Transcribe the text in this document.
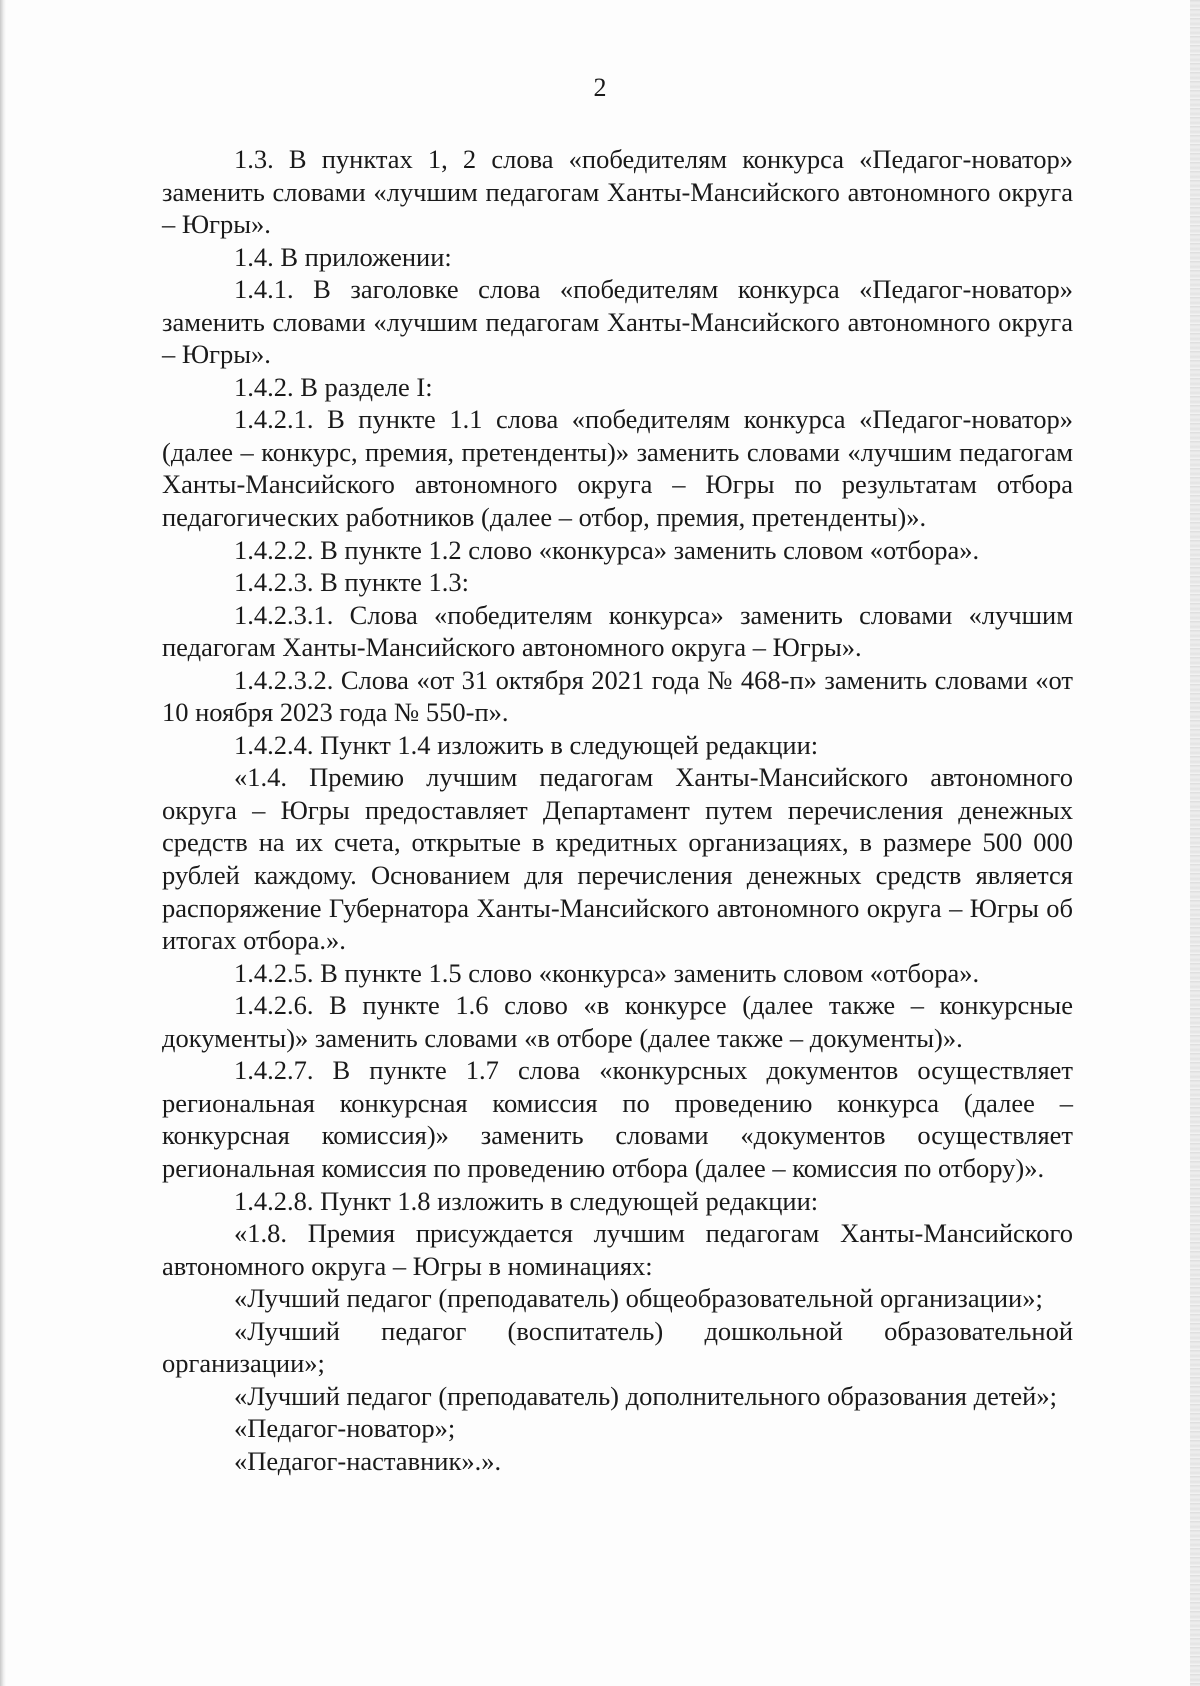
2

1.3. В пунктах 1, 2 слова «победителям конкурса «Педагог-новатор» заменить словами «лучшим педагогам Ханты-Мансийского автономного округа – Югры».

1.4. В приложении:

1.4.1. В заголовке слова «победителям конкурса «Педагог-новатор» заменить словами «лучшим педагогам Ханты-Мансийского автономного округа – Югры».

1.4.2. В разделе I:

1.4.2.1. В пункте 1.1 слова «победителям конкурса «Педагог-новатор» (далее – конкурс, премия, претенденты)» заменить словами «лучшим педагогам Ханты-Мансийского автономного округа – Югры по результатам отбора педагогических работников (далее – отбор, премия, претенденты)».

1.4.2.2. В пункте 1.2 слово «конкурса» заменить словом «отбора».

1.4.2.3. В пункте 1.3:

1.4.2.3.1. Слова «победителям конкурса» заменить словами «лучшим педагогам Ханты-Мансийского автономного округа – Югры».

1.4.2.3.2. Слова «от 31 октября 2021 года № 468-п» заменить словами «от 10 ноября 2023 года № 550-п».

1.4.2.4. Пункт 1.4 изложить в следующей редакции:

«1.4. Премию лучшим педагогам Ханты-Мансийского автономного округа – Югры предоставляет Департамент путем перечисления денежных средств на их счета, открытые в кредитных организациях, в размере 500 000 рублей каждому. Основанием для перечисления денежных средств является распоряжение Губернатора Ханты-Мансийского автономного округа – Югры об итогах отбора.».

1.4.2.5. В пункте 1.5 слово «конкурса» заменить словом «отбора».

1.4.2.6. В пункте 1.6 слово «в конкурсе (далее также – конкурсные документы)» заменить словами «в отборе (далее также – документы)».

1.4.2.7. В пункте 1.7 слова «конкурсных документов осуществляет региональная конкурсная комиссия по проведению конкурса (далее – конкурсная комиссия)» заменить словами «документов осуществляет региональная комиссия по проведению отбора (далее – комиссия по отбору)».

1.4.2.8. Пункт 1.8 изложить в следующей редакции:

«1.8. Премия присуждается лучшим педагогам Ханты-Мансийского автономного округа – Югры в номинациях:

«Лучший педагог (преподаватель) общеобразовательной организации»;

«Лучший педагог (воспитатель) дошкольной образовательной организации»;

«Лучший педагог (преподаватель) дополнительного образования детей»;

«Педагог-новатор»;

«Педагог-наставник».».
